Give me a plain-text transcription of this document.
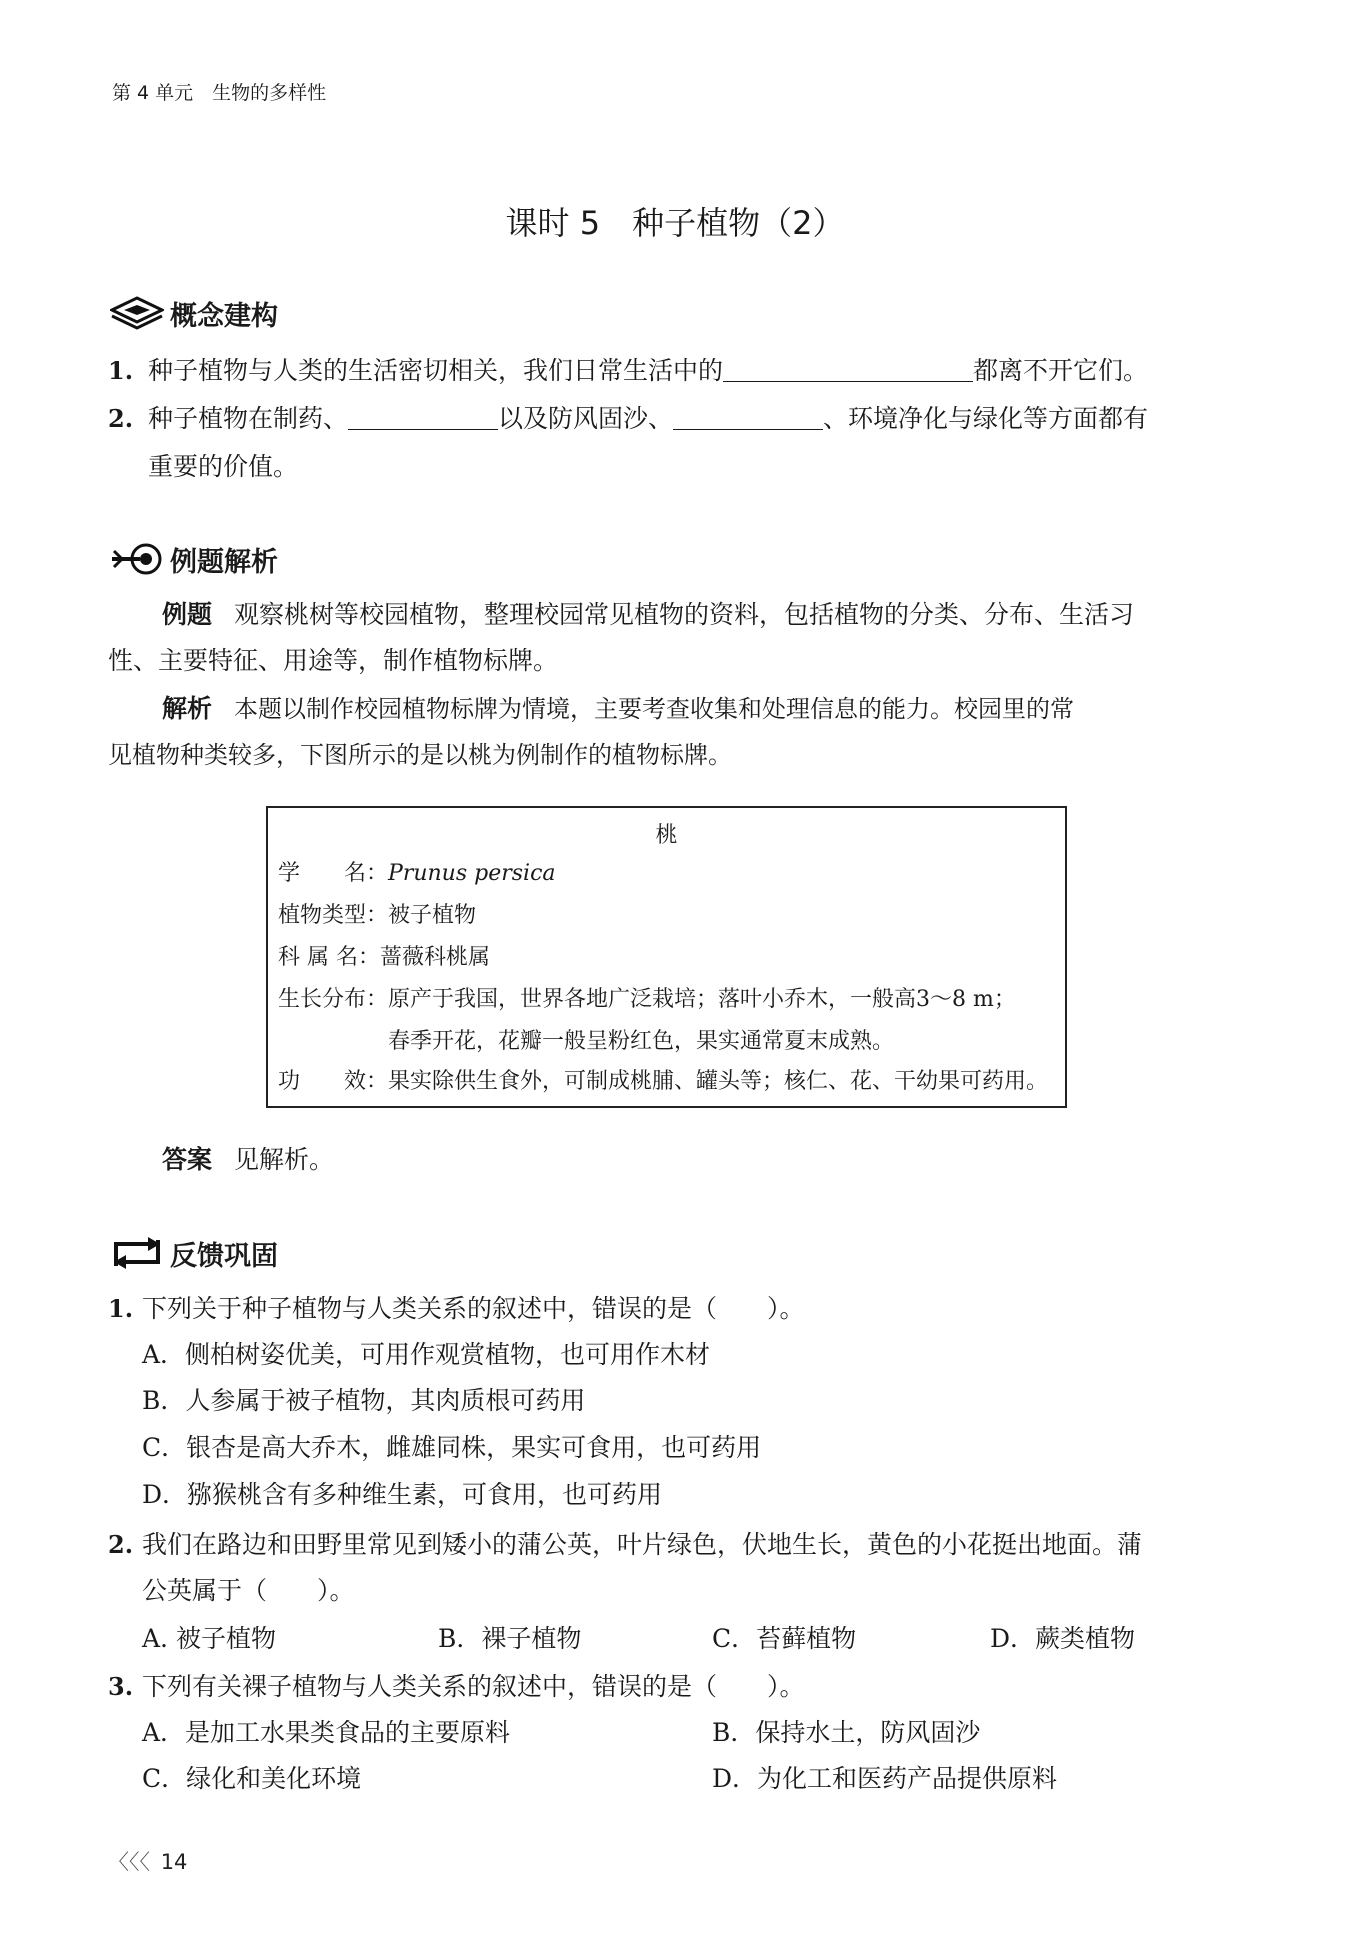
第 4 单元　生物的多样性
课时 5　种子植物（2）
概念建构
1. 种子植物与人类的生活密切相关，我们日常生活中的＿＿＿＿＿＿＿＿＿＿都离不开它们。
2. 种子植物在制药、＿＿＿＿＿＿以及防风固沙、＿＿＿＿＿＿、环境净化与绿化等方面都有
重要的价值。
例题解析
例题 观察桃树等校园植物，整理校园常见植物的资料，包括植物的分类、分布、生活习
性、主要特征、用途等，制作植物标牌。
解析 本题以制作校园植物标牌为情境，主要考查收集和处理信息的能力。校园里的常
见植物种类较多，下图所示的是以桃为例制作的植物标牌。
桃
学　　名：Prunus persica
植物类型：被子植物
科 属 名：蔷薇科桃属
生长分布：原产于我国，世界各地广泛栽培；落叶小乔木，一般高3～8 m；
春季开花，花瓣一般呈粉红色，果实通常夏末成熟。
功　　效：果实除供生食外，可制成桃脯、罐头等；核仁、花、干幼果可药用。
答案 见解析。
反馈巩固
1. 下列关于种子植物与人类关系的叙述中，错误的是（　　）。
A．侧柏树姿优美，可用作观赏植物，也可用作木材
B．人参属于被子植物，其肉质根可药用
C．银杏是高大乔木，雌雄同株，果实可食用，也可药用
D．猕猴桃含有多种维生素，可食用，也可药用
2. 我们在路边和田野里常见到矮小的蒲公英，叶片绿色，伏地生长，黄色的小花挺出地面。蒲
公英属于（　　）。
A. 被子植物	B．裸子植物	C．苔藓植物	D．蕨类植物
3. 下列有关裸子植物与人类关系的叙述中，错误的是（　　）。
A．是加工水果类食品的主要原料	B．保持水土，防风固沙
C．绿化和美化环境	D．为化工和医药产品提供原料
〈〈〈 14
